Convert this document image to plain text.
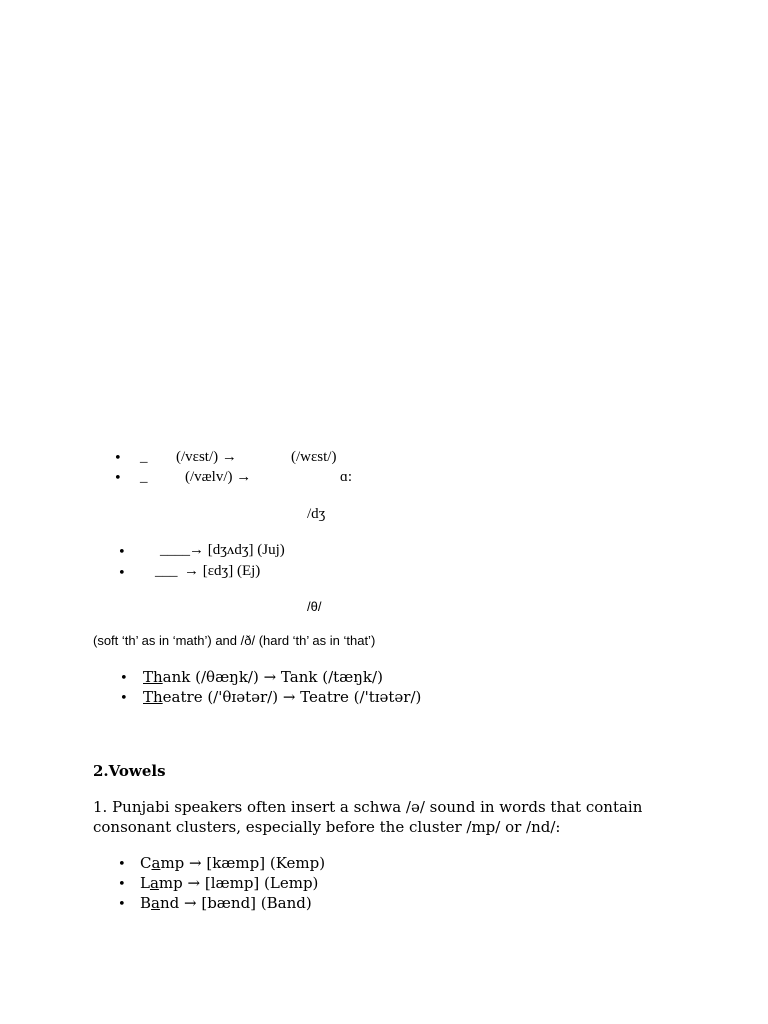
• _ (/vɛst/) →	(/wɛst/)
• _	(/vælv/) →	ɑ:
/dʒ
• ____ → [dʒʌdʒ] (Juj)
• ___ → [ɛdʒ] (Ej)
/θ/
(soft ‘th’ as in ‘math’) and /ð/ (hard ‘th’ as in ‘that’)
• Thank (/θæŋk/) → Tank (/tæŋk/)
• Theatre (/'θɪətər/) → Teatre (/'tɪətər/)
2.Vowels
1. Punjabi speakers often insert a schwa /ə/ sound in words that contain
consonant clusters, especially before the cluster /mp/ or /nd/:
• Camp → [kæmp] (Kemp)
• Lamp → [læmp] (Lemp)
• Band → [bænd] (Band)
